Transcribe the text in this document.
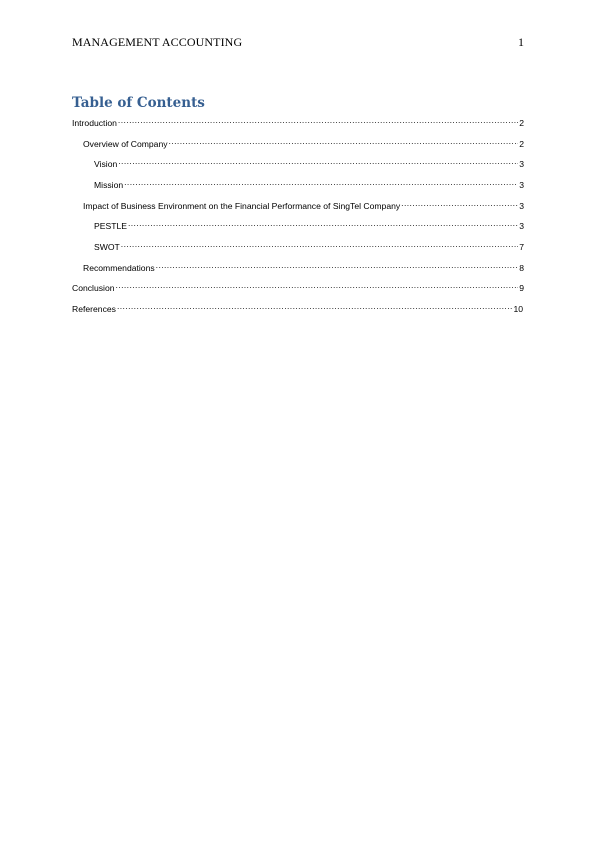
MANAGEMENT ACCOUNTING	1
Table of Contents
Introduction .....	2
Overview of Company .....	2
Vision .....	3
Mission .....	3
Impact of Business Environment on the Financial Performance of SingTel Company .....	3
PESTLE .....	3
SWOT .....	7
Recommendations .....	8
Conclusion .....	9
References .....	10
